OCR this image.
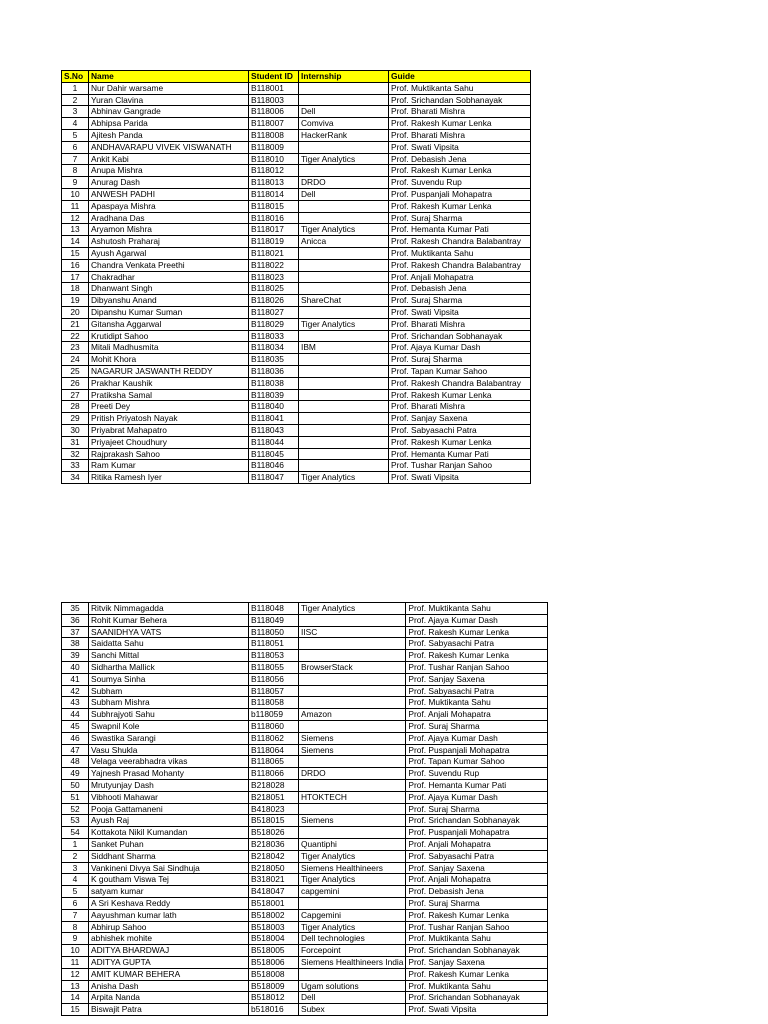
S.No	Name	Student ID	Internship	Guide
1	Nur Dahir warsame	B118001		Prof. Muktikanta Sahu
2	Yuran Clavina	B118003		Prof. Srichandan Sobhanayak
3	Abhinav Gangrade	B118006	Dell	Prof. Bharati Mishra
4	Abhipsa Parida	B118007	Comviva	Prof. Rakesh Kumar Lenka
5	Ajitesh Panda	B118008	HackerRank	Prof. Bharati Mishra
6	ANDHAVARAPU VIVEK VISWANATH	B118009		Prof. Swati Vipsita
7	Ankit Kabi	B118010	Tiger Analytics	Prof. Debasish Jena
8	Anupa Mishra	B118012		Prof. Rakesh Kumar Lenka
9	Anurag Dash	B118013	DRDO	Prof. Suvendu Rup
10	ANWESH PADHI	B118014	Dell	Prof. Puspanjali Mohapatra
11	Apaspaya Mishra	B118015		Prof. Rakesh Kumar Lenka
12	Aradhana Das	B118016		Prof. Suraj Sharma
13	Aryamon Mishra	B118017	Tiger Analytics	Prof. Hemanta Kumar Pati
14	Ashutosh Praharaj	B118019	Anicca	Prof. Rakesh Chandra Balabantray
15	Ayush Agarwal	B118021		Prof. Muktikanta Sahu
16	Chandra Venkata Preethi	B118022		Prof. Rakesh Chandra Balabantray
17	Chakradhar	B118023		Prof. Anjali Mohapatra
18	Dhanwant Singh	B118025		Prof. Debasish Jena
19	Dibyanshu Anand	B118026	ShareChat	Prof. Suraj Sharma
20	Dipanshu Kumar Suman	B118027		Prof. Swati Vipsita
21	Gitansha Aggarwal	B118029	Tiger Analytics	Prof. Bharati Mishra
22	Krutidipt Sahoo	B118033		Prof. Srichandan Sobhanayak
23	Mitali Madhusmita	B118034	IBM	Prof. Ajaya Kumar Dash
24	Mohit Khora	B118035		Prof. Suraj Sharma
25	NAGARUR JASWANTH REDDY	B118036		Prof. Tapan Kumar Sahoo
26	Prakhar Kaushik	B118038		Prof. Rakesh Chandra Balabantray
27	Pratiksha Samal	B118039		Prof. Rakesh Kumar Lenka
28	Preeti Dey	B118040		Prof. Bharati Mishra
29	Pritish Priyatosh Nayak	B118041		Prof. Sanjay Saxena
30	Priyabrat Mahapatro	B118043		Prof. Sabyasachi Patra
31	Priyajeet Choudhury	B118044		Prof. Rakesh Kumar Lenka
32	Rajprakash Sahoo	B118045		Prof. Hemanta Kumar Pati
33	Ram Kumar	B118046		Prof. Tushar Ranjan Sahoo
34	Ritika Ramesh Iyer	B118047	Tiger Analytics	Prof. Swati Vipsita
35	Ritvik Nimmagadda	B118048	Tiger Analytics	Prof. Muktikanta Sahu
36	Rohit Kumar Behera	B118049		Prof. Ajaya Kumar Dash
37	SAANIDHYA VATS	B118050	IISC	Prof. Rakesh Kumar Lenka
38	Saidatta Sahu	B118051		Prof. Sabyasachi Patra
39	Sanchi Mittal	B118053		Prof. Rakesh Kumar Lenka
40	Sidhartha Mallick	B118055	BrowserStack	Prof. Tushar Ranjan Sahoo
41	Soumya Sinha	B118056		Prof. Sanjay Saxena
42	Subham	B118057		Prof. Sabyasachi Patra
43	Subham Mishra	B118058		Prof. Muktikanta Sahu
44	Subhrajyoti Sahu	b118059	Amazon	Prof. Anjali Mohapatra
45	Swapnil Kole	B118060		Prof. Suraj Sharma
46	Swastika Sarangi	B118062	Siemens	Prof. Ajaya Kumar Dash
47	Vasu Shukla	B118064	Siemens	Prof. Puspanjali Mohapatra
48	Velaga veerabhadra vikas	B118065		Prof. Tapan Kumar Sahoo
49	Yajnesh Prasad Mohanty	B118066	DRDO	Prof. Suvendu Rup
50	Mrutyunjay Dash	B218028		Prof. Hemanta Kumar Pati
51	Vibhooti Mahawar	B218051	HTOKTECH	Prof. Ajaya Kumar Dash
52	Pooja Gattamaneni	B418023		Prof. Suraj Sharma
53	Ayush Raj	B518015	Siemens	Prof. Srichandan Sobhanayak
54	Kottakota Nikil Kumandan	B518026		Prof. Puspanjali Mohapatra
1	Sanket Puhan	B218036	Quantiphi	Prof. Anjali Mohapatra
2	Siddhant Sharma	B218042	Tiger Analytics	Prof. Sabyasachi Patra
3	Vankineni Divya Sai Sindhuja	B218050	Siemens Healthineers	Prof. Sanjay Saxena
4	K goutham Viswa Tej	B318021	Tiger Analytics	Prof. Anjali Mohapatra
5	satyam kumar	B418047	capgemini	Prof. Debasish Jena
6	A Sri Keshava Reddy	B518001		Prof. Suraj Sharma
7	Aayushman kumar lath	B518002	Capgemini	Prof. Rakesh Kumar Lenka
8	Abhirup Sahoo	B518003	Tiger Analytics	Prof. Tushar Ranjan Sahoo
9	abhishek mohite	B518004	Dell technologies	Prof. Muktikanta Sahu
10	ADITYA BHARDWAJ	B518005	Forcepoint	Prof. Srichandan Sobhanayak
11	ADITYA GUPTA	B518006	Siemens Healthineers India	Prof. Sanjay Saxena
12	AMIT KUMAR BEHERA	B518008		Prof. Rakesh Kumar Lenka
13	Anisha Dash	B518009	Ugam solutions	Prof. Muktikanta Sahu
14	Arpita Nanda	B518012	Dell	Prof. Srichandan Sobhanayak
15	Biswajit Patra	b518016	Subex	Prof. Swati Vipsita
